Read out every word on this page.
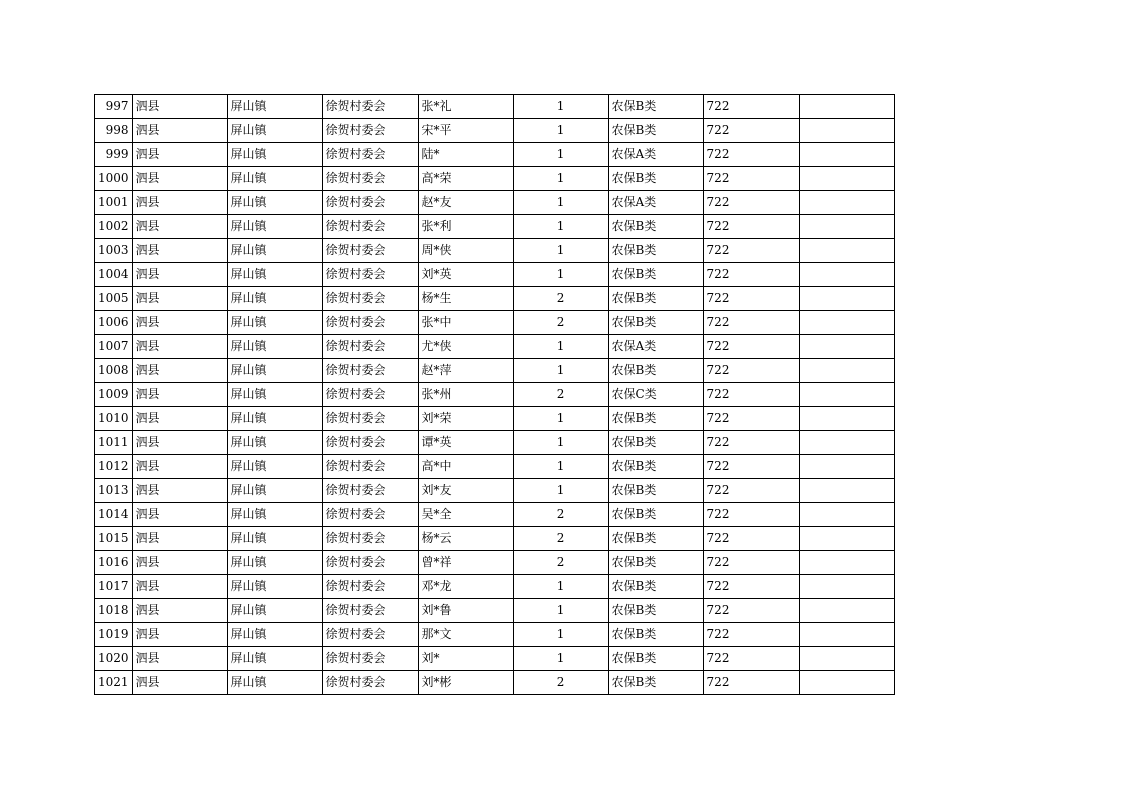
997	泗县	屏山镇	徐贺村委会	张*礼	1	农保B类	722	
998	泗县	屏山镇	徐贺村委会	宋*平	1	农保B类	722	
999	泗县	屏山镇	徐贺村委会	陆*	1	农保A类	722	
1000	泗县	屏山镇	徐贺村委会	高*荣	1	农保B类	722	
1001	泗县	屏山镇	徐贺村委会	赵*友	1	农保A类	722	
1002	泗县	屏山镇	徐贺村委会	张*利	1	农保B类	722	
1003	泗县	屏山镇	徐贺村委会	周*侠	1	农保B类	722	
1004	泗县	屏山镇	徐贺村委会	刘*英	1	农保B类	722	
1005	泗县	屏山镇	徐贺村委会	杨*生	2	农保B类	722	
1006	泗县	屏山镇	徐贺村委会	张*中	2	农保B类	722	
1007	泗县	屏山镇	徐贺村委会	尤*侠	1	农保A类	722	
1008	泗县	屏山镇	徐贺村委会	赵*萍	1	农保B类	722	
1009	泗县	屏山镇	徐贺村委会	张*州	2	农保C类	722	
1010	泗县	屏山镇	徐贺村委会	刘*荣	1	农保B类	722	
1011	泗县	屏山镇	徐贺村委会	谭*英	1	农保B类	722	
1012	泗县	屏山镇	徐贺村委会	高*中	1	农保B类	722	
1013	泗县	屏山镇	徐贺村委会	刘*友	1	农保B类	722	
1014	泗县	屏山镇	徐贺村委会	吴*全	2	农保B类	722	
1015	泗县	屏山镇	徐贺村委会	杨*云	2	农保B类	722	
1016	泗县	屏山镇	徐贺村委会	曾*祥	2	农保B类	722	
1017	泗县	屏山镇	徐贺村委会	邓*龙	1	农保B类	722	
1018	泗县	屏山镇	徐贺村委会	刘*鲁	1	农保B类	722	
1019	泗县	屏山镇	徐贺村委会	那*文	1	农保B类	722	
1020	泗县	屏山镇	徐贺村委会	刘*	1	农保B类	722	
1021	泗县	屏山镇	徐贺村委会	刘*彬	2	农保B类	722	
